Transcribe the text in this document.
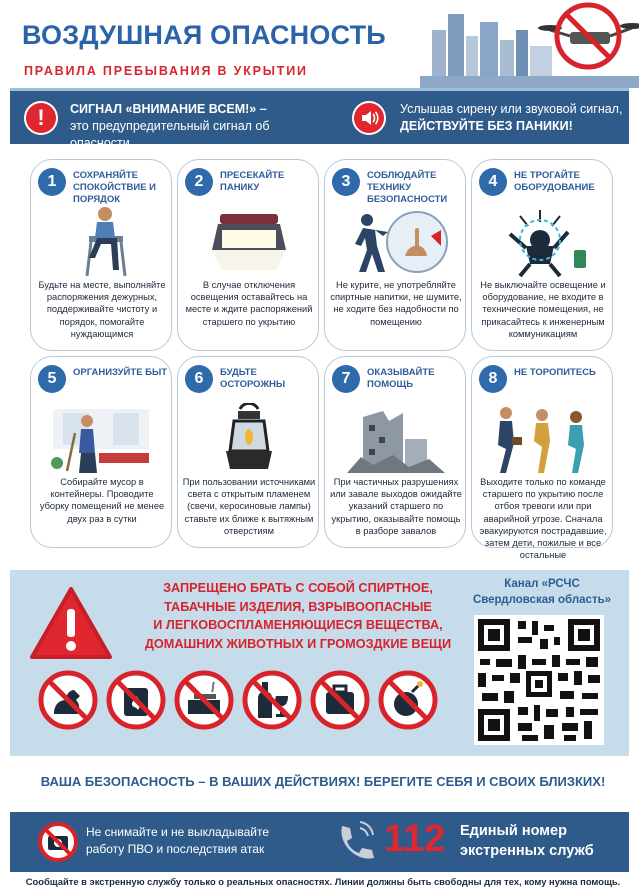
ВОЗДУШНАЯ ОПАСНОСТЬ
ПРАВИЛА ПРЕБЫВАНИЯ В УКРЫТИИ
!	СИГНАЛ «ВНИМАНИЕ ВСЕМ!» –
это предупредительный сигнал об опасности
Услышав сирену или звуковой сигнал,
ДЕЙСТВУЙТЕ БЕЗ ПАНИКИ!
1	СОХРАНЯЙТЕ СПОКОЙСТВИЕ И ПОРЯДОК
Будьте на месте, выполняйте распоряжения дежурных, поддерживайте чистоту и порядок, помогайте нуждающимся
2	ПРЕСЕКАЙТЕ ПАНИКУ
В случае отключения освещения оставайтесь на месте и ждите распоряжений старшего по укрытию
3	СОБЛЮДАЙТЕ ТЕХНИКУ БЕЗОПАСНОСТИ
Не курите, не употребляйте спиртные напитки, не шумите, не ходите без надобности по помещению
4	НЕ ТРОГАЙТЕ ОБОРУДОВАНИЕ
Не выключайте освещение и оборудование, не входите в технические помещения, не прикасайтесь к инженерным коммуникациям
5	ОРГАНИЗУЙТЕ БЫТ
Собирайте мусор в контейнеры. Проводите уборку помещений не менее двух раз в сутки
6	БУДЬТЕ ОСТОРОЖНЫ
При пользовании источниками света с открытым пламенем (свечи, керосиновые лампы) ставьте их ближе к вытяжным отверстиям
7	ОКАЗЫВАЙТЕ ПОМОЩЬ
При частичных разрушениях или завале выходов ожидайте указаний старшего по укрытию, оказывайте помощь в разборе завалов
8	НЕ ТОРОПИТЕСЬ
Выходите только по команде старшего по укрытию после отбоя тревоги или при аварийной угрозе. Сначала эвакуируются пострадавшие, затем дети, пожилые и все остальные
ЗАПРЕЩЕНО БРАТЬ С СОБОЙ СПИРТНОЕ,
ТАБАЧНЫЕ ИЗДЕЛИЯ, ВЗРЫВООПАСНЫЕ
И ЛЕГКОВОСПЛАМЕНЯЮЩИЕСЯ ВЕЩЕСТВА,
ДОМАШНИХ ЖИВОТНЫХ И ГРОМОЗДКИЕ ВЕЩИ
Канал «РСЧС
Свердловская область»
ВАША БЕЗОПАСНОСТЬ – В ВАШИХ ДЕЙСТВИЯХ! БЕРЕГИТЕ СЕБЯ И СВОИХ БЛИЗКИХ!
Не снимайте и не выкладывайте
работу ПВО и последствия атак	112 Единый номер
экстренных служб
Сообщайте в экстренную службу только о реальных опасностях. Линии должны быть свободны для тех, кому нужна помощь.
